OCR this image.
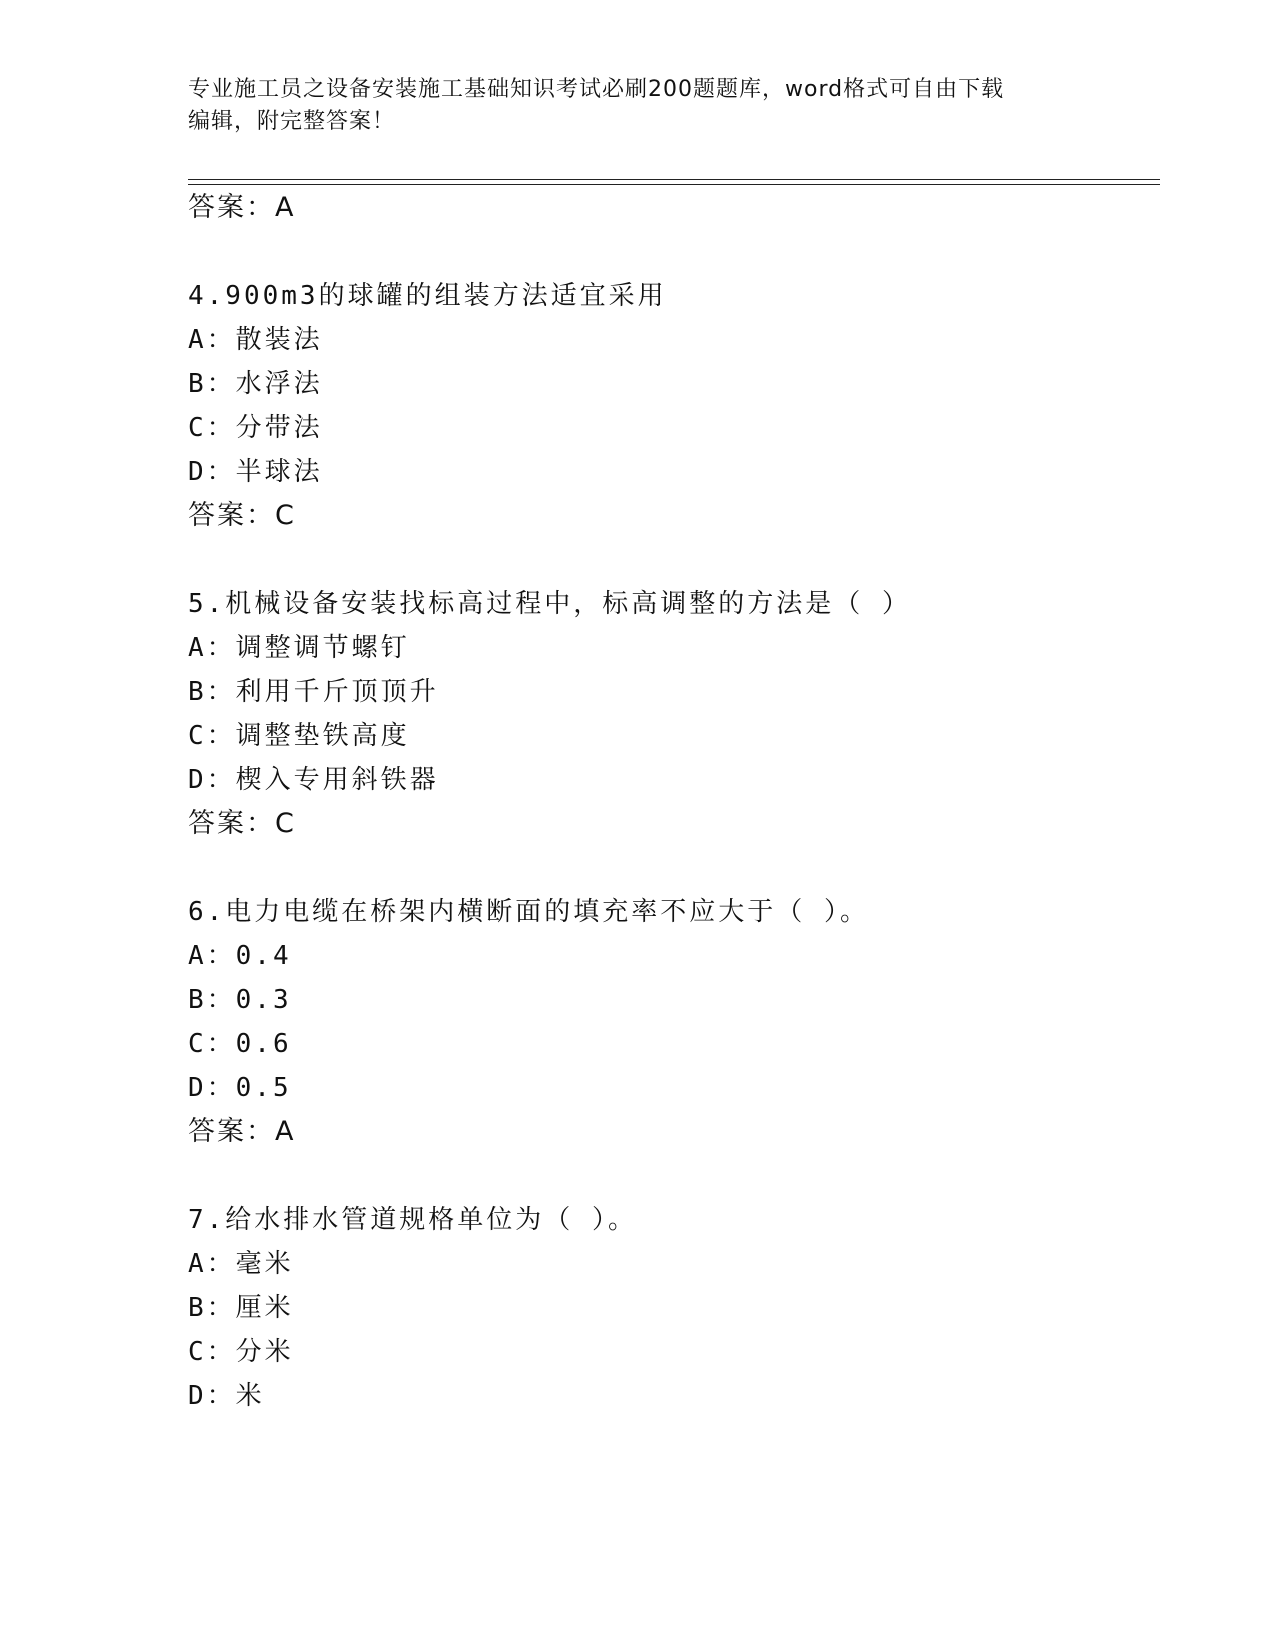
专业施工员之设备安装施工基础知识考试必刷200题题库，word格式可自由下载
编辑，附完整答案！
答案：A
4.900m3的球罐的组装方法适宜采用
A：散装法
B：水浮法
C：分带法
D：半球法
答案：C
5.机械设备安装找标高过程中，标高调整的方法是（ ）
A：调整调节螺钉
B：利用千斤顶顶升
C：调整垫铁高度
D：楔入专用斜铁器
答案：C
6.电力电缆在桥架内横断面的填充率不应大于（ ）。
A：0.4
B：0.3
C：0.6
D：0.5
答案：A
7.给水排水管道规格单位为（ ）。
A：毫米
B：厘米
C：分米
D：米
